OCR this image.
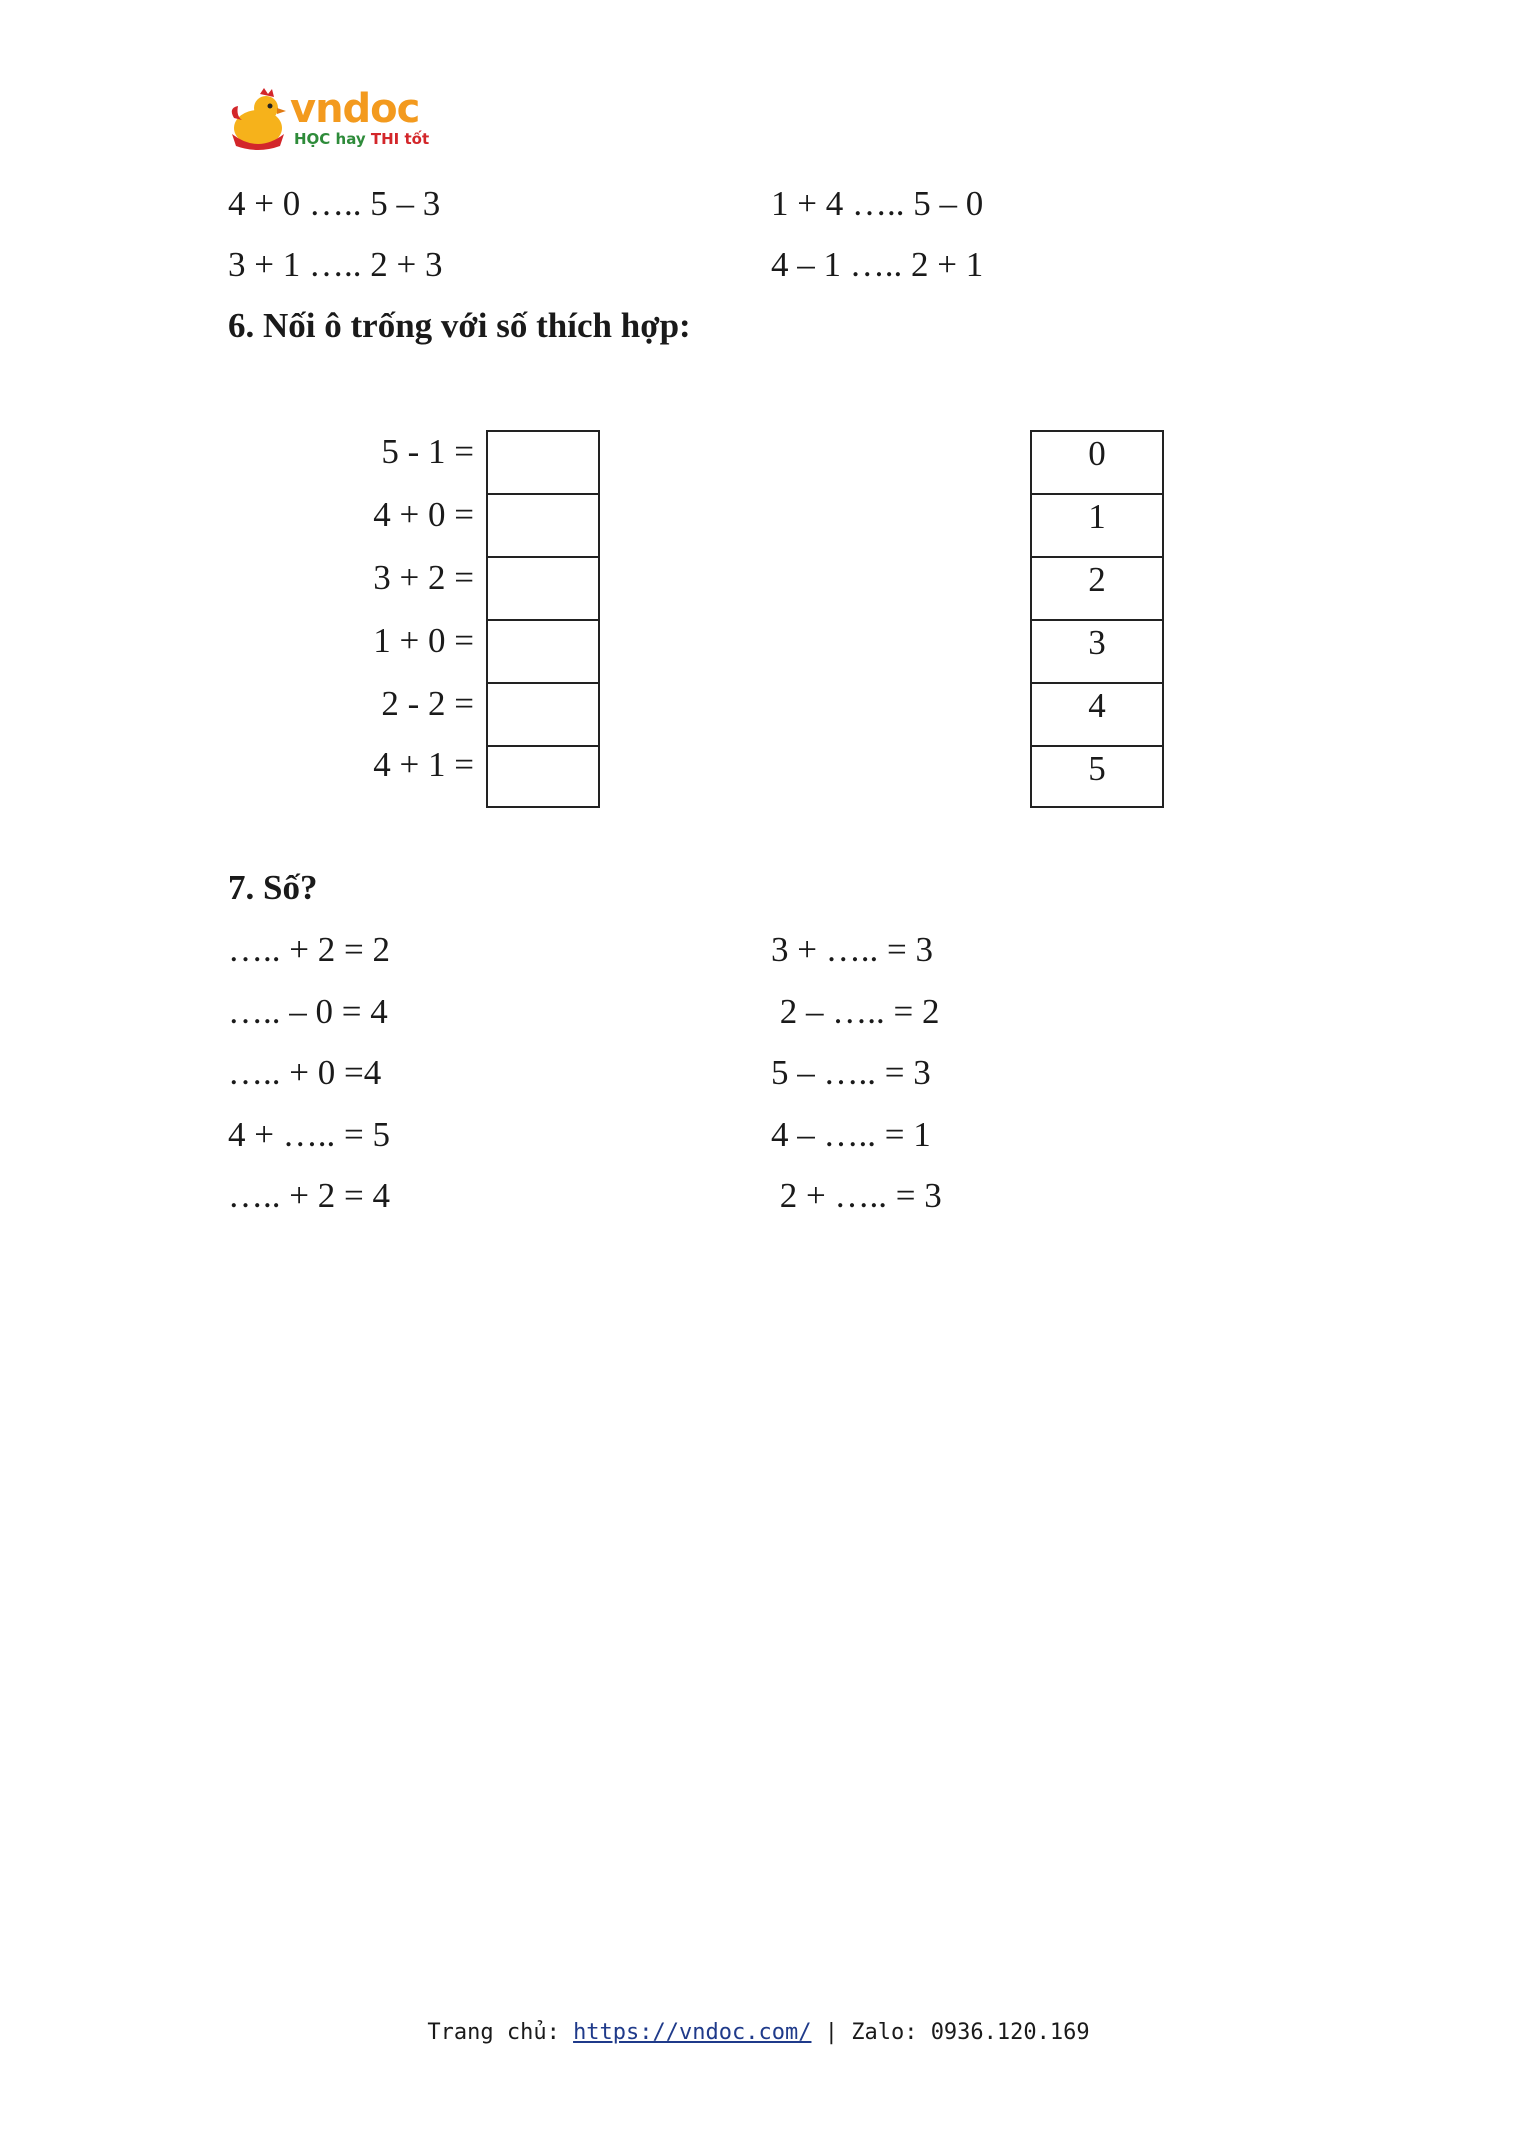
vndoc
HỌC hay THI tốt
4 + 0 ….. 5 – 3	1 + 4 ….. 5 – 0
3 + 1 ….. 2 + 3	4 – 1 ….. 2 + 1
6. Nối ô trống với số thích hợp:
5 - 1 =
4 + 0 =
3 + 2 =
1 + 0 =
2 - 2 =
4 + 1 =
0
1
2
3
4
5
7. Số?
….. + 2 = 2	3 + ….. = 3
….. – 0 = 4	2 – ….. = 2
….. + 0 =4	5 – ….. = 3
4 + ….. = 5	4 – ….. = 1
….. + 2 = 4	2 + ….. = 3
Trang chủ: https://vndoc.com/ | Zalo: 0936.120.169
